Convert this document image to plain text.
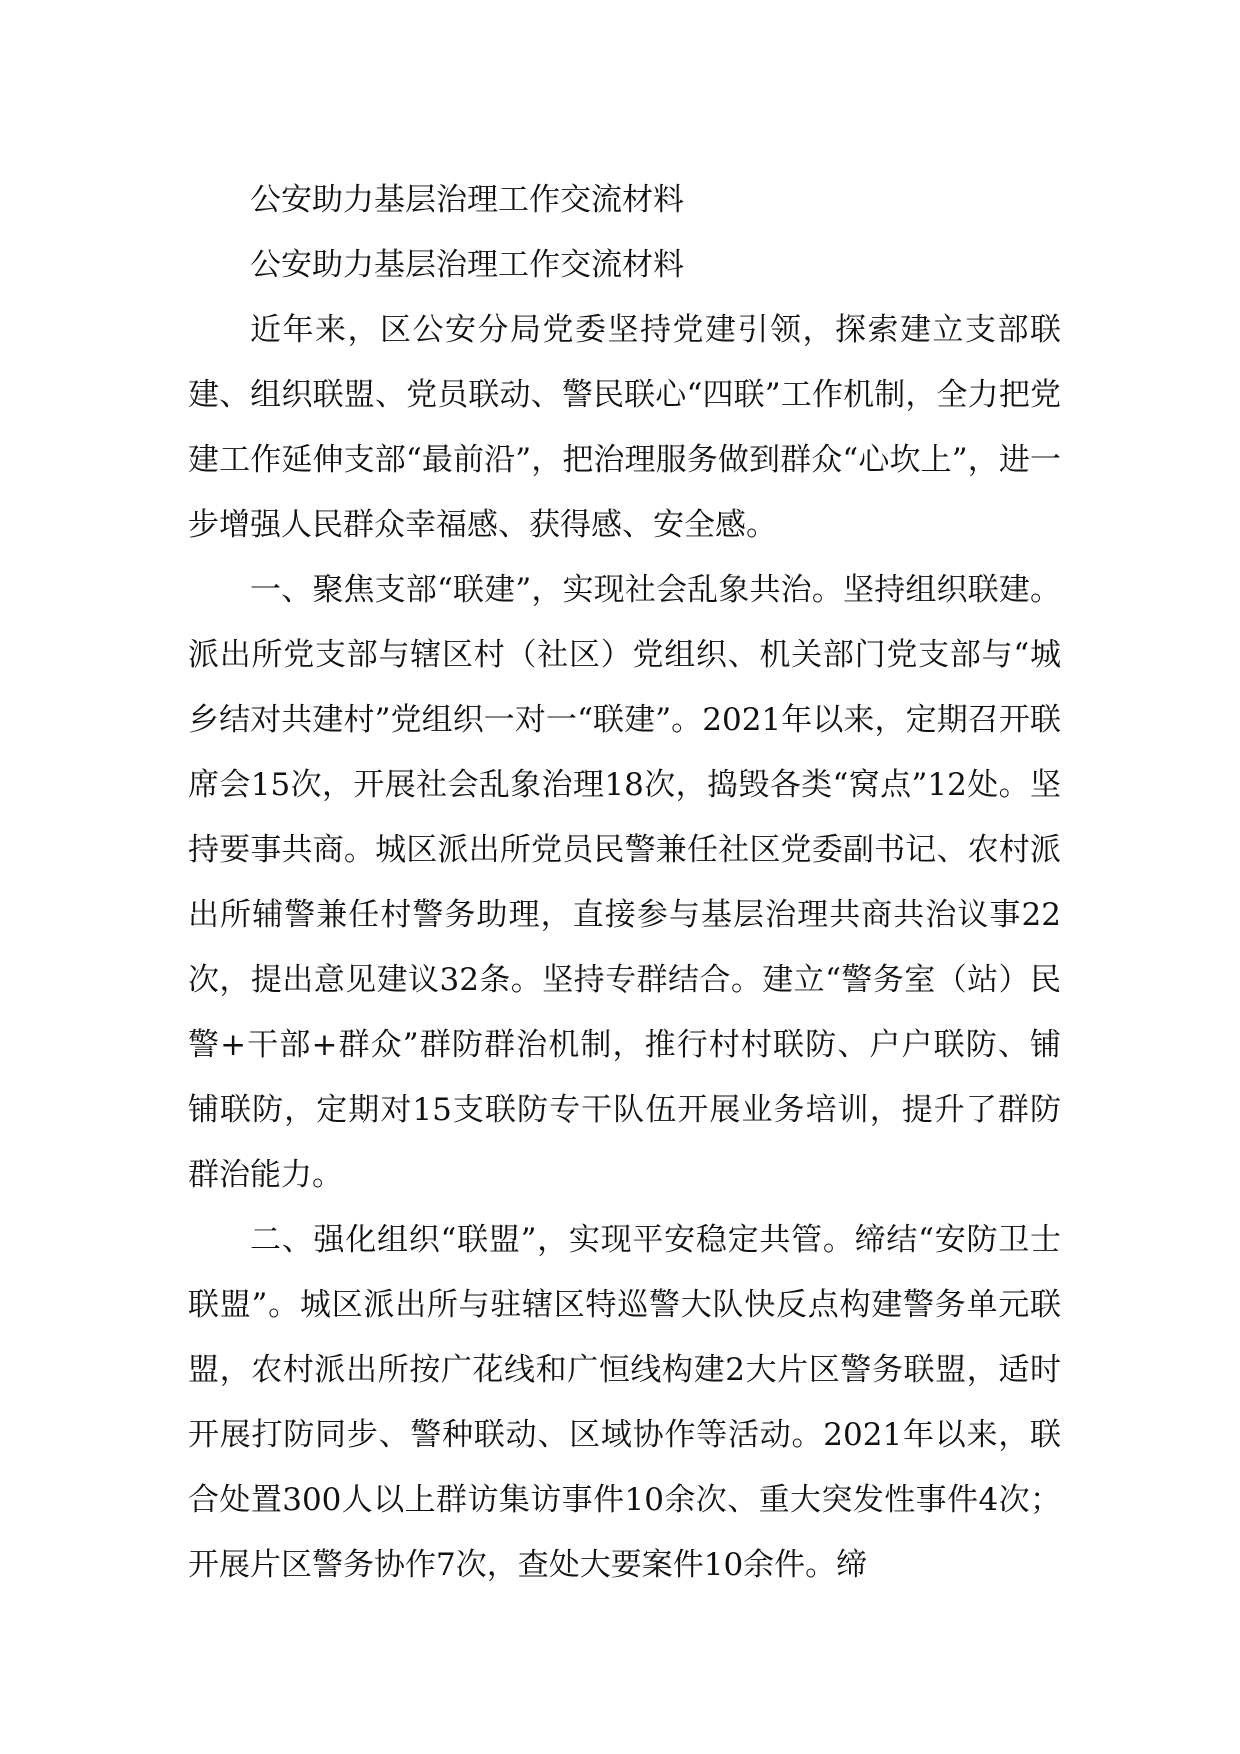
公安助力基层治理工作交流材料

公安助力基层治理工作交流材料

近年来，区公安分局党委坚持党建引领，探索建立支部联建、组织联盟、党员联动、警民联心“四联”工作机制，全力把党建工作延伸支部“最前沿”，把治理服务做到群众“心坎上”，进一步增强人民群众幸福感、获得感、安全感。

一、聚焦支部“联建”，实现社会乱象共治。坚持组织联建。派出所党支部与辖区村（社区）党组织、机关部门党支部与“城乡结对共建村”党组织一对一“联建”。2021年以来，定期召开联席会15次，开展社会乱象治理18次，捣毁各类“窝点”12处。坚持要事共商。城区派出所党员民警兼任社区党委副书记、农村派出所辅警兼任村警务助理，直接参与基层治理共商共治议事22次，提出意见建议32条。坚持专群结合。建立“警务室（站）民警+干部+群众”群防群治机制，推行村村联防、户户联防、铺铺联防，定期对15支联防专干队伍开展业务培训，提升了群防群治能力。

二、强化组织“联盟”，实现平安稳定共管。缔结“安防卫士联盟”。城区派出所与驻辖区特巡警大队快反点构建警务单元联盟，农村派出所按广花线和广恒线构建2大片区警务联盟，适时开展打防同步、警种联动、区域协作等活动。2021年以来，联合处置300人以上群访集访事件10余次、重大突发性事件4次；开展片区警务协作7次，查处大要案件10余件。缔
